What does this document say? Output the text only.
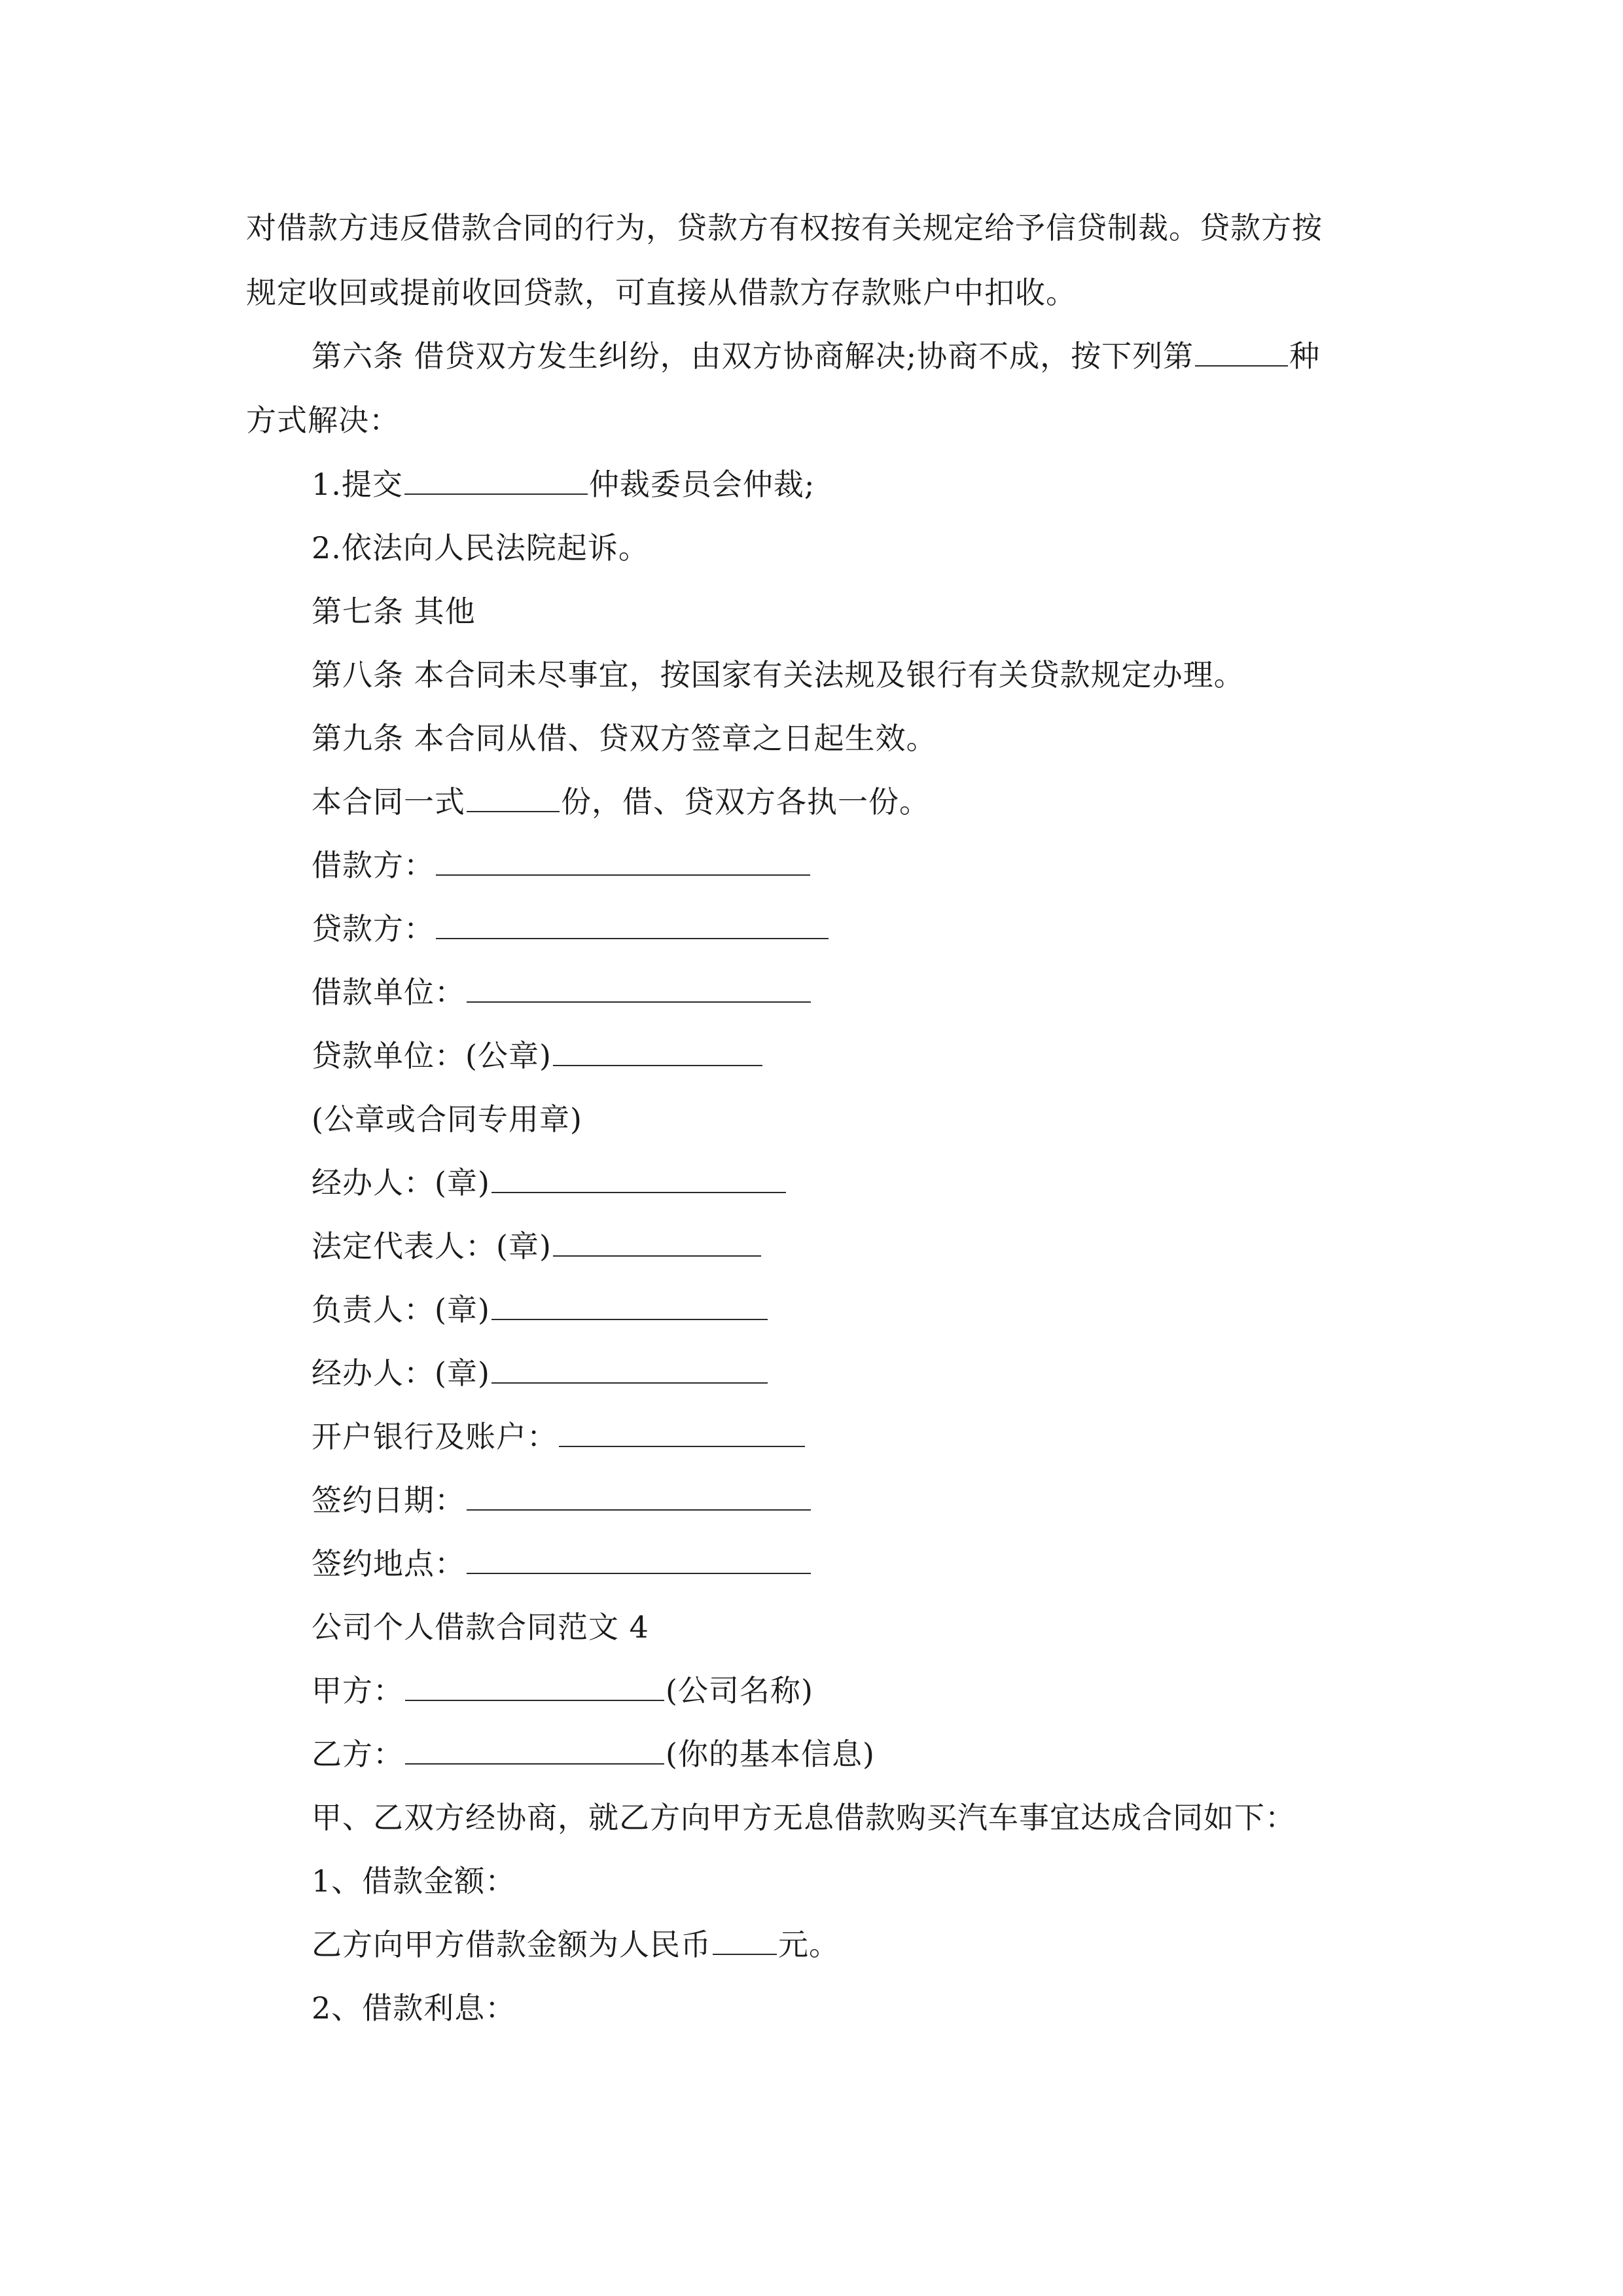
对借款方违反借款合同的行为，贷款方有权按有关规定给予信贷制裁。贷款方按
规定收回或提前收回贷款，可直接从借款方存款账户中扣收。
第六条 借贷双方发生纠纷，由双方协商解决;协商不成，按下列第	种
方式解决：
1.提交	仲裁委员会仲裁;
2.依法向人民法院起诉。
第七条 其他
第八条 本合同未尽事宜，按国家有关法规及银行有关贷款规定办理。
第九条 本合同从借、贷双方签章之日起生效。
本合同一式	份，借、贷双方各执一份。
借款方：
贷款方：
借款单位：
贷款单位：(公章)
(公章或合同专用章)
经办人：(章)
法定代表人：(章)
负责人：(章)
经办人：(章)
开户银行及账户：
签约日期：
签约地点：
公司个人借款合同范文 4
甲方：	(公司名称)
乙方：	(你的基本信息)
甲、乙双方经协商，就乙方向甲方无息借款购买汽车事宜达成合同如下：
1、借款金额：
乙方向甲方借款金额为人民币 元。
2、借款利息：
